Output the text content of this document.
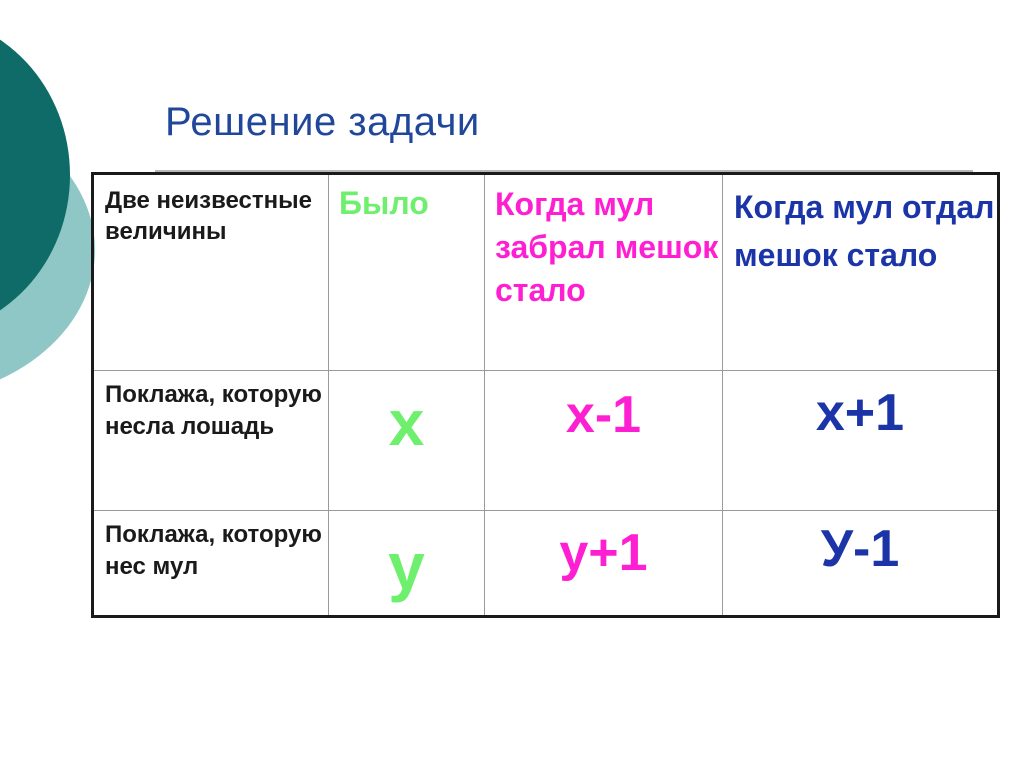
Решение задачи
Две неизвестные величины	Было	Когда мул забрал мешок стало	Когда мул отдал мешок стало

Поклажа, которую несла лошадь	x	x-1	x+1

Поклажа, которую нес мул	y	y+1	У-1
